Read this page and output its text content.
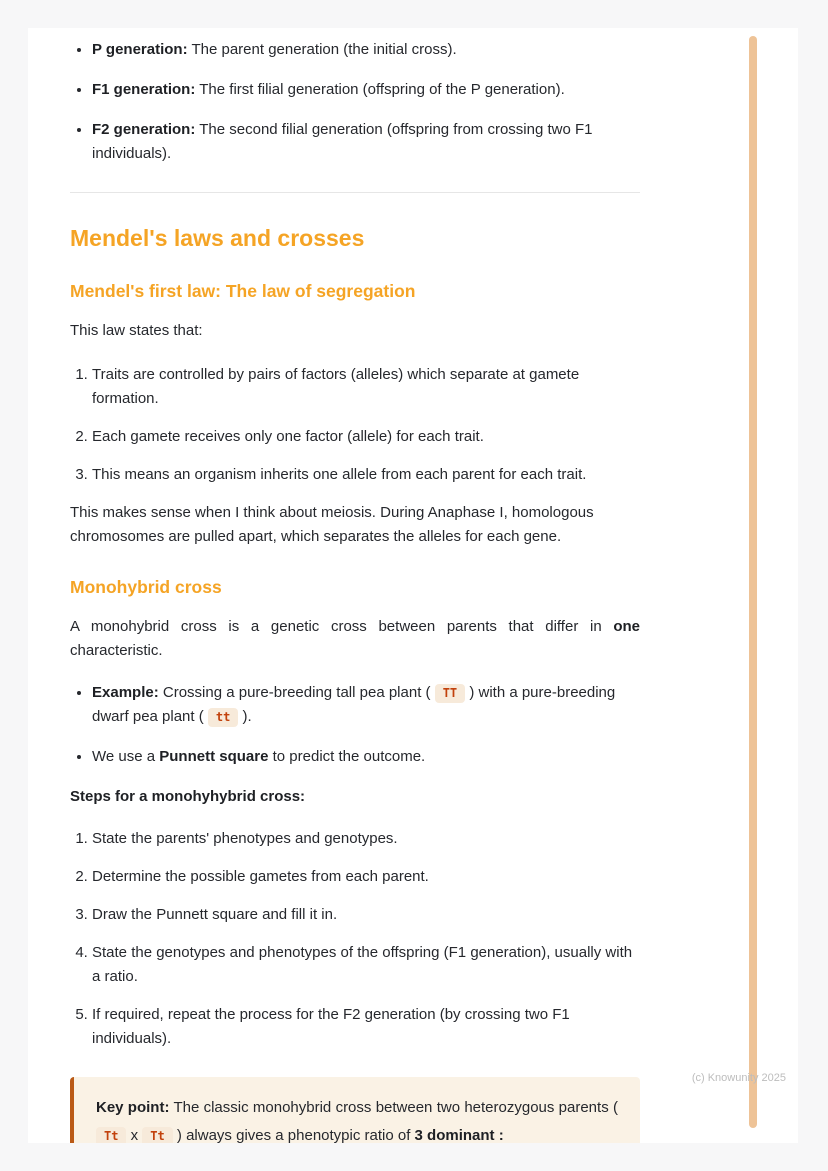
• P generation: The parent generation (the initial cross).
• F1 generation: The first filial generation (offspring of the P generation).
• F2 generation: The second filial generation (offspring from crossing two F1 individuals).
Mendel's laws and crosses
Mendel's first law: The law of segregation

This law states that:

1. Traits are controlled by pairs of factors (alleles) which separate at gamete formation.
2. Each gamete receives only one factor (allele) for each trait.
3. This means an organism inherits one allele from each parent for each trait.

This makes sense when I think about meiosis. During Anaphase I, homologous chromosomes are pulled apart, which separates the alleles for each gene.

Monohybrid cross

A monohybrid cross is a genetic cross between parents that differ in one characteristic.

• Example: Crossing a pure-breeding tall pea plant ( TT ) with a pure-breeding dwarf pea plant ( tt ).
• We use a Punnett square to predict the outcome.

Steps for a monohyhybrid cross:

1. State the parents' phenotypes and genotypes.
2. Determine the possible gametes from each parent.
3. Draw the Punnett square and fill it in.
4. State the genotypes and phenotypes of the offspring (F1 generation), usually with a ratio.
5. If required, repeat the process for the F2 generation (by crossing two F1 individuals).

Key point: The classic monohybrid cross between two heterozygous parents ( Tt x Tt ) always gives a phenotypic ratio of 3 dominant :

(c) Knowunity 2025
